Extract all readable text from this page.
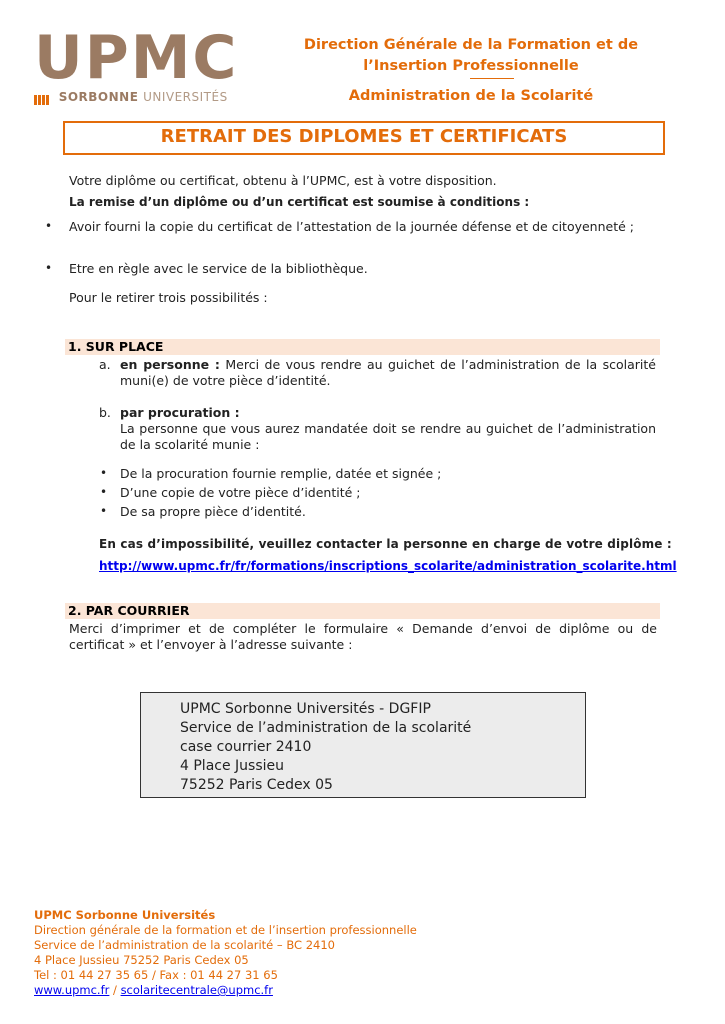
UPMC
SORBONNE UNIVERSITÉS
Direction Générale de la Formation et de
l’Insertion Professionnelle
Administration de la Scolarité
RETRAIT DES DIPLOMES ET CERTIFICATS
Votre diplôme ou certificat, obtenu à l’UPMC, est à votre disposition.
La remise d’un diplôme ou d’un certificat est soumise à conditions :
• Avoir fourni la copie du certificat de l’attestation de la journée défense et de citoyenneté ;
• Etre en règle avec le service de la bibliothèque.
Pour le retirer trois possibilités :
1. SUR PLACE
a. en personne : Merci de vous rendre au guichet de l’administration de la scolarité muni(e) de votre pièce d’identité.
b. par procuration :
La personne que vous aurez mandatée doit se rendre au guichet de l’administration de la scolarité munie :
• De la procuration fournie remplie, datée et signée ;
• D’une copie de votre pièce d’identité ;
• De sa propre pièce d’identité.
En cas d’impossibilité, veuillez contacter la personne en charge de votre diplôme :
http://www.upmc.fr/fr/formations/inscriptions_scolarite/administration_scolarite.html
2. PAR COURRIER
Merci d’imprimer et de compléter le formulaire « Demande d’envoi de diplôme ou de certificat » et l’envoyer à l’adresse suivante :
UPMC Sorbonne Universités - DGFIP
Service de l’administration de la scolarité
case courrier 2410
4 Place Jussieu
75252 Paris Cedex 05
UPMC Sorbonne Universités
Direction générale de la formation et de l’insertion professionnelle
Service de l’administration de la scolarité – BC 2410
4 Place Jussieu 75252 Paris Cedex 05
Tel : 01 44 27 35 65 / Fax : 01 44 27 31 65
www.upmc.fr / scolaritecentrale@upmc.fr
